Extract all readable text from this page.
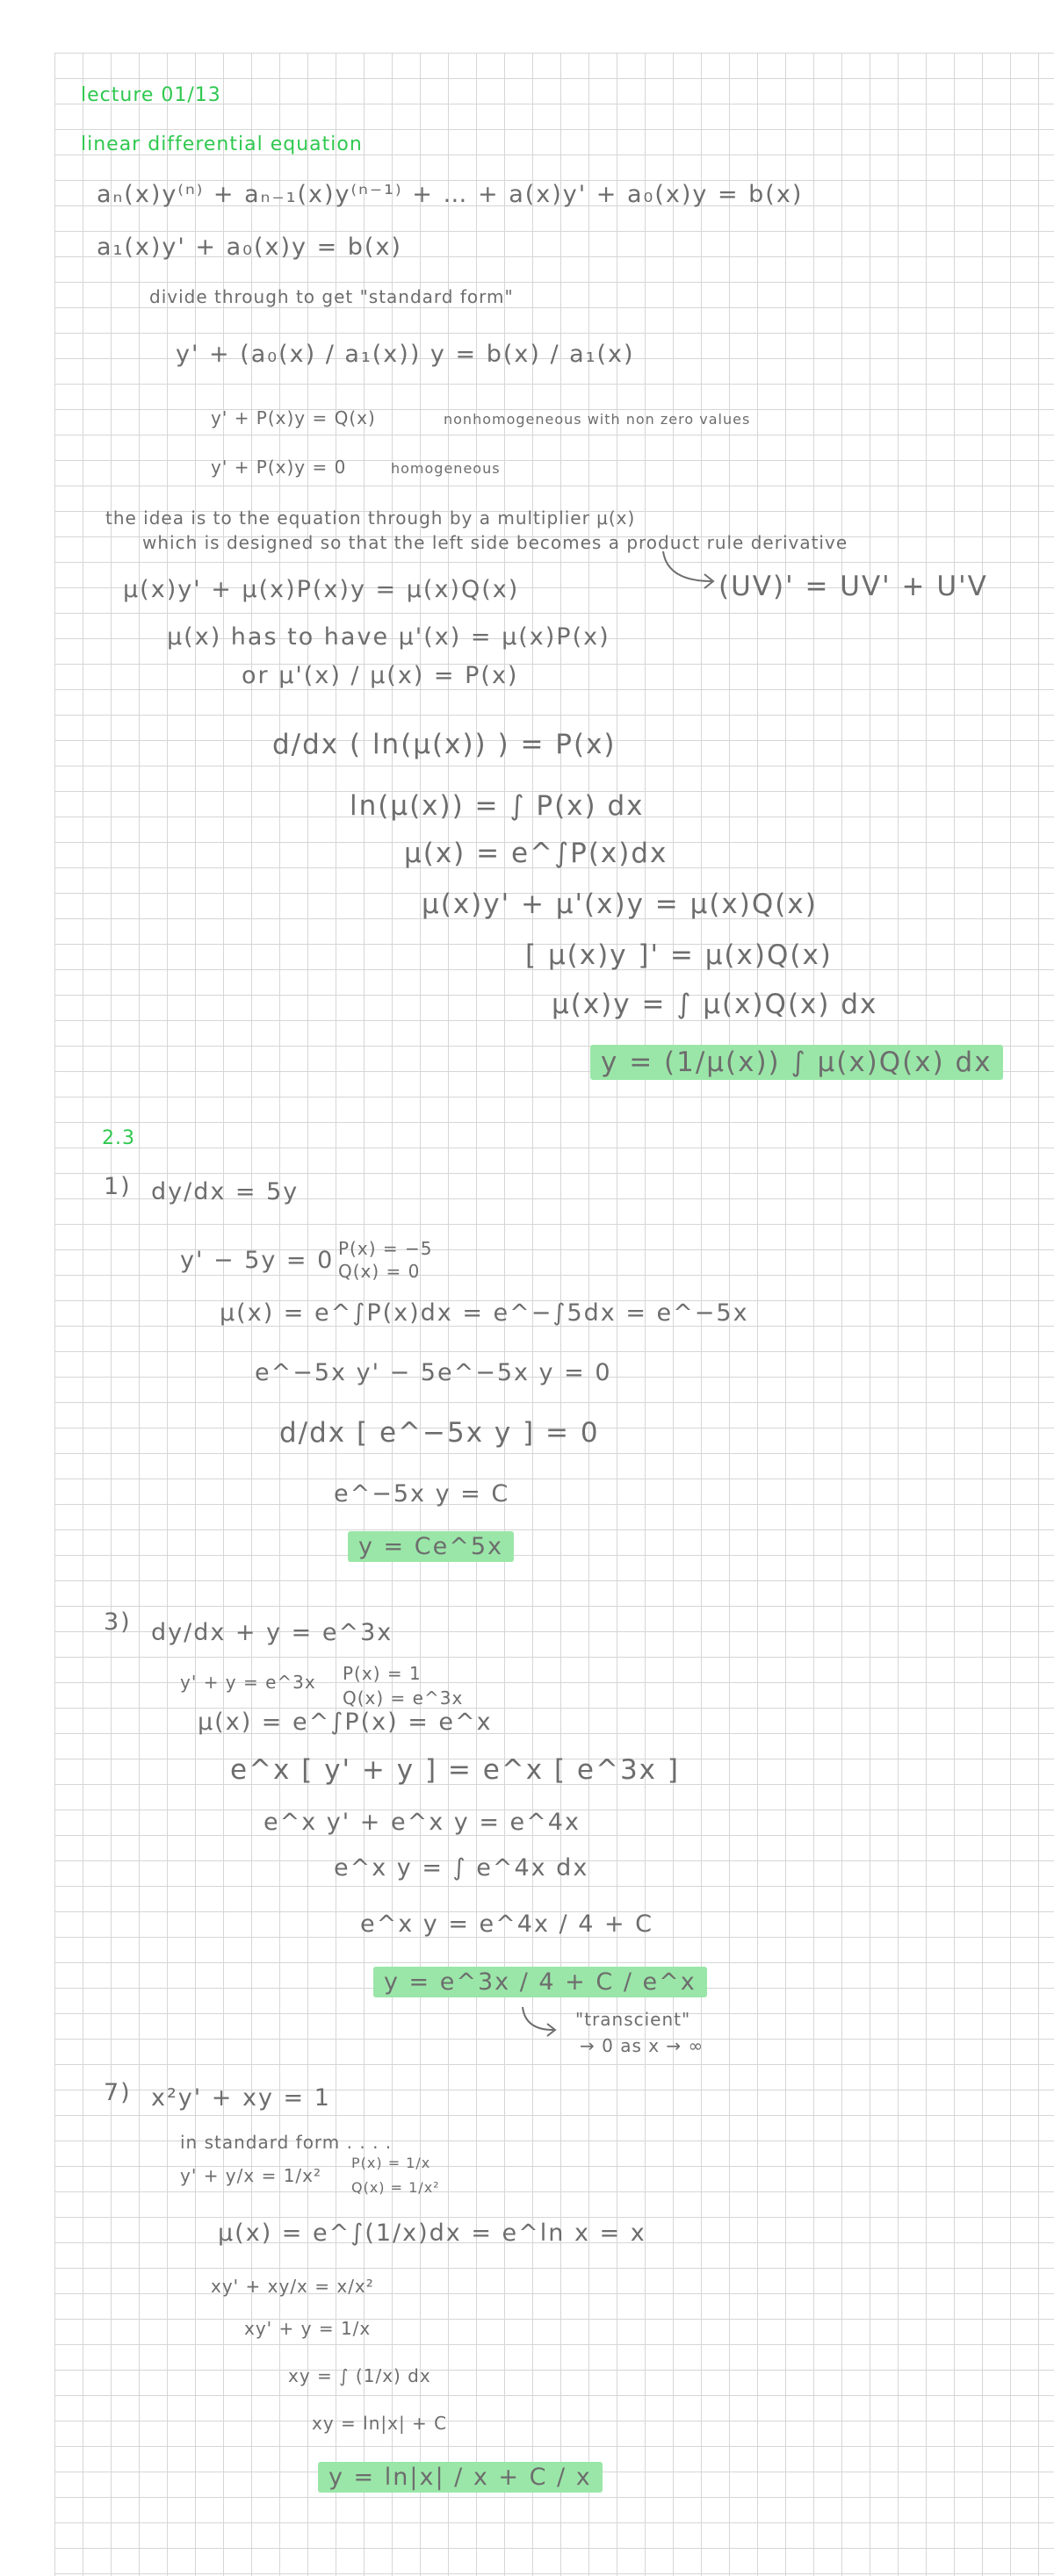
lecture 01/13
linear differential equation
aₙ(x)y⁽ⁿ⁾ + aₙ₋₁(x)y⁽ⁿ⁻¹⁾ + … + a(x)y' + a₀(x)y = b(x)
a₁(x)y' + a₀(x)y = b(x)
divide through to get "standard form"
y' + (a₀(x) / a₁(x)) y = b(x) / a₁(x)
y' + P(x)y = Q(x)	nonhomogeneous with non zero values
y' + P(x)y = 0	homogeneous
the idea is to the equation through by a multiplier μ(x)
which is designed so that the left side becomes a product rule derivative
(UV)' = UV' + U'V
μ(x)y' + μ(x)P(x)y = μ(x)Q(x)
μ(x) has to have μ'(x) = μ(x)P(x)
or μ'(x) / μ(x) = P(x)
d/dx ( ln(μ(x)) ) = P(x)
ln(μ(x)) = ∫ P(x) dx
μ(x) = e^∫P(x)dx
μ(x)y' + μ'(x)y = μ(x)Q(x)
[ μ(x)y ]' = μ(x)Q(x)
μ(x)y = ∫ μ(x)Q(x) dx
y = (1/μ(x)) ∫ μ(x)Q(x) dx
2.3
1) dy/dx = 5y
y' − 5y = 0 P(x) = −5
Q(x) = 0
μ(x) = e^∫P(x)dx = e^−∫5dx = e^−5x
e^−5x y' − 5e^−5x y = 0
d/dx [ e^−5x y ] = 0
e^−5x y = C
y = Ce^5x
3) dy/dx + y = e^3x
y' + y = e^3x P(x) = 1
Q(x) = e^3x
μ(x) = e^∫P(x) = e^x
e^x [ y' + y ] = e^x [ e^3x ]
e^x y' + e^x y = e^4x
e^x y = ∫ e^4x dx
e^x y = e^4x / 4 + C
y = e^3x / 4 + C / e^x
"transcient"
→ 0 as x → ∞
7) x²y' + xy = 1
in standard form . . . .
y' + y/x = 1/x²
P(x) = 1/x
Q(x) = 1/x²
μ(x) = e^∫(1/x)dx = e^ln x = x
xy' + xy/x = x/x²
xy' + y = 1/x
xy = ∫ (1/x) dx
xy = ln|x| + C
y = ln|x| / x + C / x
